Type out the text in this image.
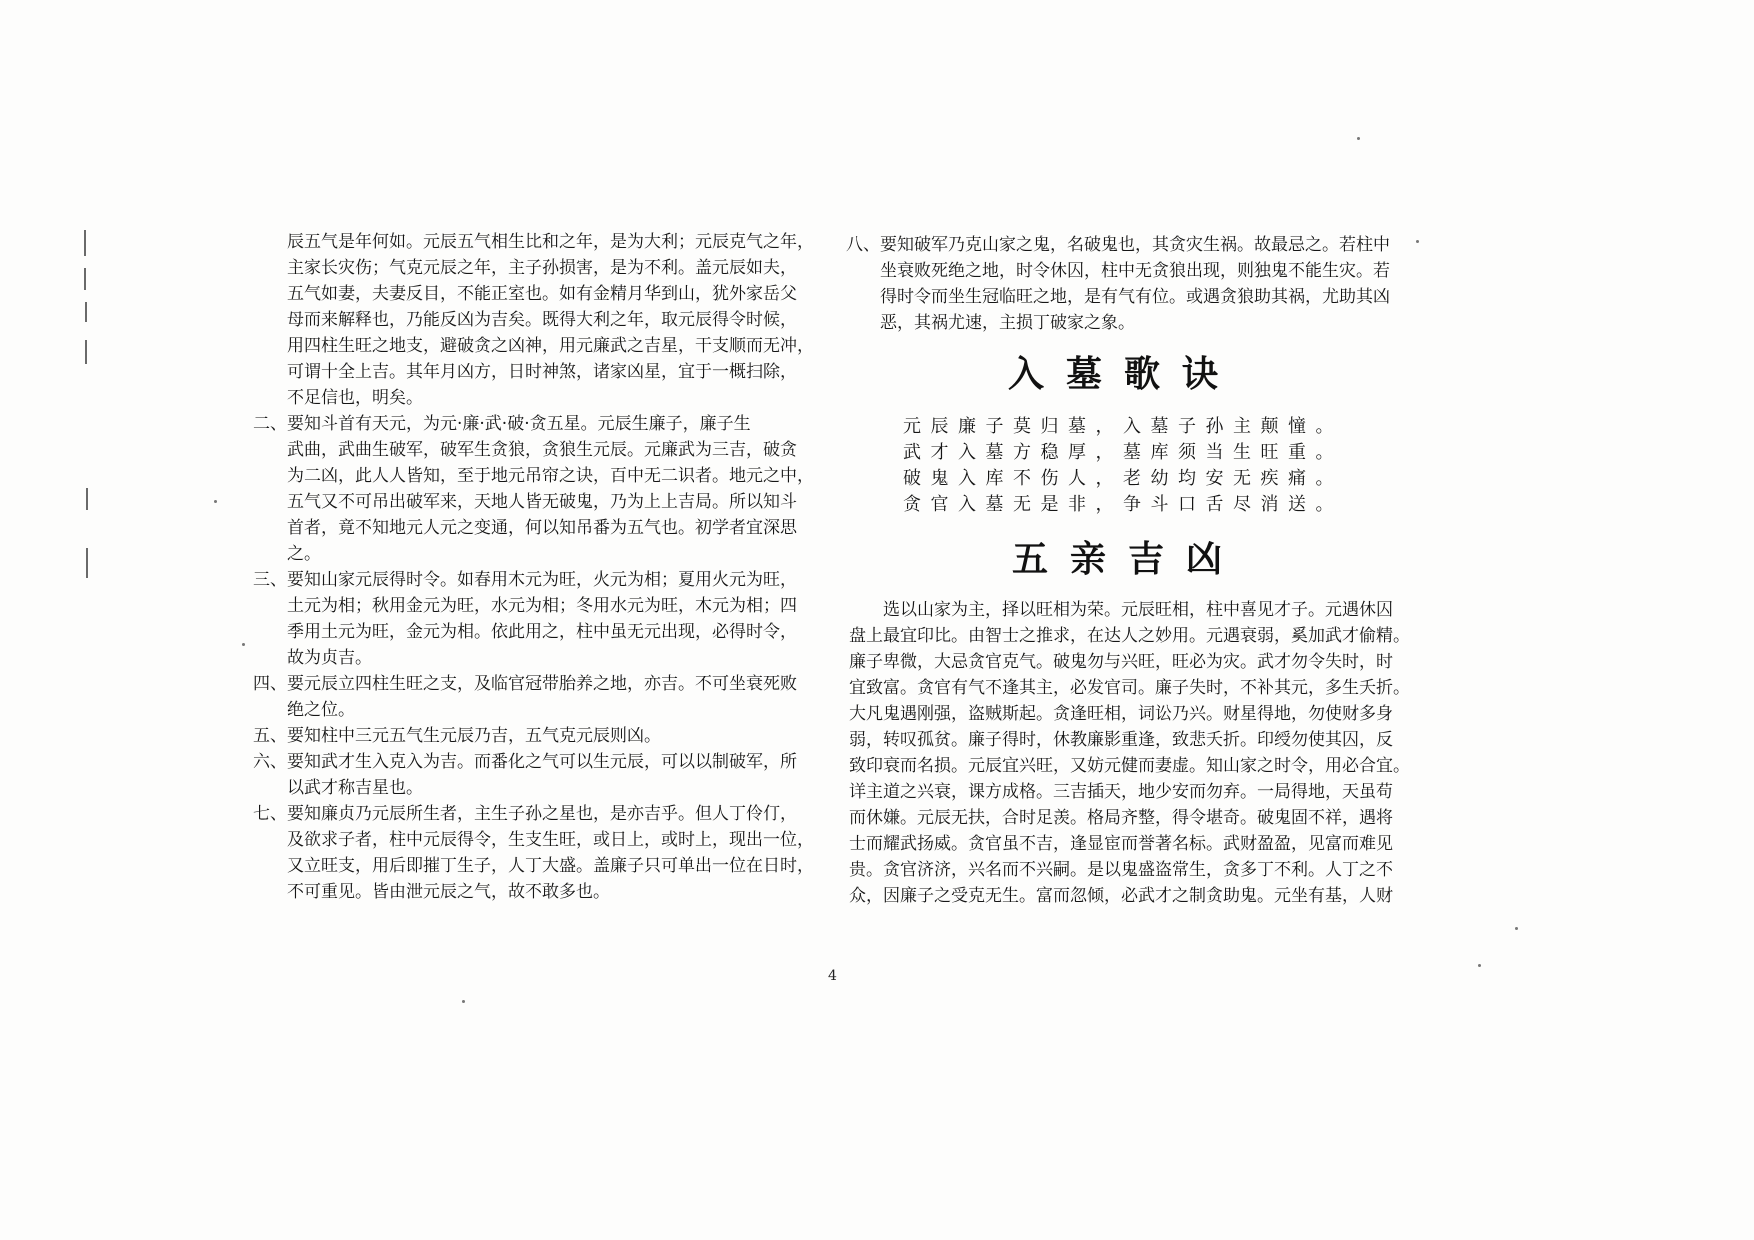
辰五气是年何如。元辰五气相生比和之年，是为大利；元辰克气之年，
主家长灾伤；气克元辰之年，主子孙损害，是为不利。盖元辰如夫，
五气如妻，夫妻反目，不能正室也。如有金精月华到山，犹外家岳父
母而来解释也，乃能反凶为吉矣。既得大利之年，取元辰得令时候，
用四柱生旺之地支，避破贪之凶神，用元廉武之吉星，干支顺而无冲，
可谓十全上吉。其年月凶方，日时神煞，诸家凶星，宜于一概扫除，
不足信也，明矣。
二、要知斗首有天元，为元·廉·武·破·贪五星。元辰生廉子，廉子生
武曲，武曲生破军，破军生贪狼，贪狼生元辰。元廉武为三吉，破贪
为二凶，此人人皆知，至于地元吊帘之诀，百中无二识者。地元之中，
五气又不可吊出破军来，天地人皆无破鬼，乃为上上吉局。所以知斗
首者，竟不知地元人元之变通，何以知吊番为五气也。初学者宜深思
之。
三、要知山家元辰得时令。如春用木元为旺，火元为相；夏用火元为旺，
土元为相；秋用金元为旺，水元为相；冬用水元为旺，木元为相；四
季用土元为旺，金元为相。依此用之，柱中虽无元出现，必得时令，
故为贞吉。
四、要元辰立四柱生旺之支，及临官冠带胎养之地，亦吉。不可坐衰死败
绝之位。
五、要知柱中三元五气生元辰乃吉，五气克元辰则凶。
六、要知武才生入克入为吉。而番化之气可以生元辰，可以以制破军，所
以武才称吉星也。
七、要知廉贞乃元辰所生者，主生子孙之星也，是亦吉乎。但人丁伶仃，
及欲求子者，柱中元辰得令，生支生旺，或日上，或时上，现出一位，
又立旺支，用后即摧丁生子，人丁大盛。盖廉子只可单出一位在日时，
不可重见。皆由泄元辰之气，故不敢多也。
八、要知破军乃克山家之鬼，名破鬼也，其贪灾生祸。故最忌之。若柱中
坐衰败死绝之地，时令休囚，柱中无贪狼出现，则独鬼不能生灾。若
得时令而坐生冠临旺之地，是有气有位。或遇贪狼助其祸，尤助其凶
恶，其祸尤速，主损丁破家之象。
入墓歌诀
元辰廉子莫归墓，入墓子孙主颠憧。
武才入墓方稳厚，墓库须当生旺重。
破鬼入库不伤人，老幼均安无疾痛。
贪官入墓无是非，争斗口舌尽消送。
五亲吉凶
选以山家为主，择以旺相为荣。元辰旺相，柱中喜见才子。元遇休囚
盘上最宜印比。由智士之推求，在达人之妙用。元遇衰弱，奚加武才偷精。
廉子卑微，大忌贪官克气。破鬼勿与兴旺，旺必为灾。武才勿令失时，时
宜致富。贪官有气不逢其主，必发官司。廉子失时，不补其元，多生夭折。
大凡鬼遇刚强，盗贼斯起。贪逢旺相，词讼乃兴。财星得地，勿使财多身
弱，转叹孤贫。廉子得时，休教廉影重逢，致悲夭折。印绶勿使其囚，反
致印衰而名损。元辰宜兴旺，又妨元健而妻虚。知山家之时令，用必合宜。
详主道之兴衰，课方成格。三吉插天，地少安而勿弃。一局得地，天虽苟
而休嫌。元辰无扶，合时足羡。格局齐整，得令堪奇。破鬼固不祥，遇将
士而耀武扬威。贪官虽不吉，逢显宦而誉著名标。武财盈盈，见富而难见
贵。贪官济济，兴名而不兴嗣。是以鬼盛盗常生，贪多丁不利。人丁之不
众，因廉子之受克无生。富而忽倾，必武才之制贪助鬼。元坐有基，人财
4
